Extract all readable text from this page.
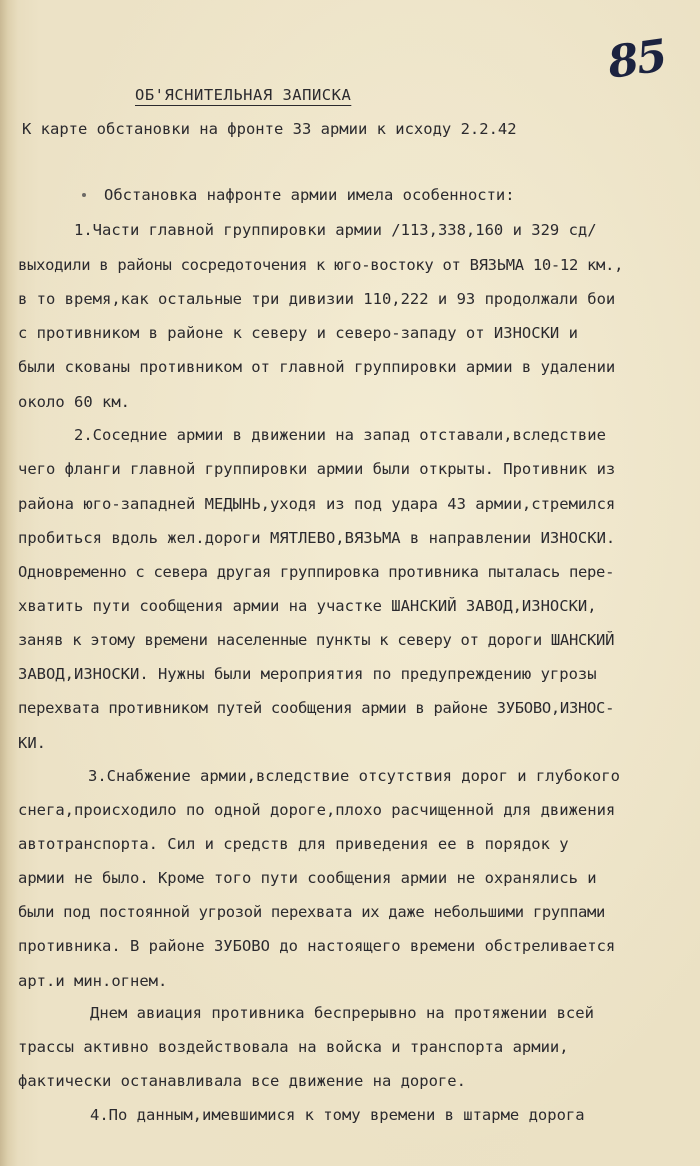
85
ОБ'ЯСНИТЕЛЬНАЯ ЗАПИСКА
К карте обстановки на фронте 33 армии к исходу 2.2.42
Обстановка нафронте армии имела особенности:
1.Части главной группировки армии /113,338,160 и 329 сд/
выходили в районы сосредоточения к юго-востоку от ВЯЗЬМА 10-12 км.,
в то время,как остальные три дивизии 110,222 и 93 продолжали бои
с противником в районе к северу и северо-западу от ИЗНОСКИ и
были скованы противником от главной группировки армии в удалении
около 60 км.
2.Соседние армии в движении на запад отставали,вследствие
чего фланги главной группировки армии были открыты. Противник из
района юго-западней МЕДЫНЬ,уходя из под удара 43 армии,стремился
пробиться вдоль жел.дороги МЯТЛЕВО,ВЯЗЬМА в направлении ИЗНОСКИ.
Одновременно с севера другая группировка противника пыталась пере-
хватить пути сообщения армии на участке ШАНСКИЙ ЗАВОД,ИЗНОСКИ,
заняв к этому времени населенные пункты к северу от дороги ШАНСКИЙ
ЗАВОД,ИЗНОСКИ. Нужны были мероприятия по предупреждению угрозы
перехвата противником путей сообщения армии в районе ЗУБОВО,ИЗНОС-
КИ.
3.Снабжение армии,вследствие отсутствия дорог и глубокого
снега,происходило по одной дороге,плохо расчищенной для движения
автотранспорта. Сил и средств для приведения ее в порядок у
армии не было. Кроме того пути сообщения армии не охранялись и
были под постоянной угрозой перехвата их даже небольшими группами
противника. В районе ЗУБОВО до настоящего времени обстреливается
арт.и мин.огнем.
Днем авиация противника беспрерывно на протяжении всей
трассы активно воздействовала на войска и транспорта армии,
фактически останавливала все движение на дороге.
4.По данным,имевшимися к тому времени в штарме дорога
